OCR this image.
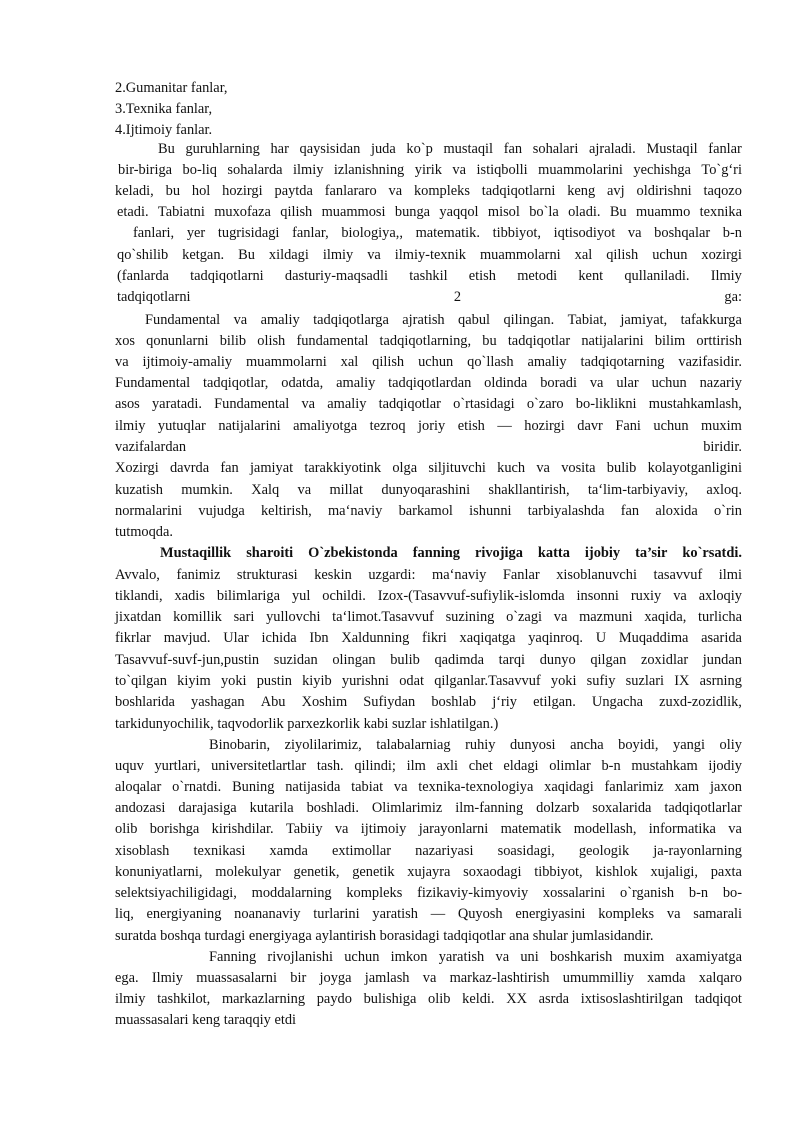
2.Gumanitar fanlar,
3.Texnika fanlar,
4.Ijtimoiy fanlar.
Bu guruhlarning har qaysisidan juda ko`p mustaqil fan sohalari ajraladi. Mustaqil fanlar
bir-biriga bo-liq sohalarda ilmiy izlanishning yirik va istiqbolli muammolarini yechishga To`g‘ri
keladi, bu hol hozirgi paytda fanlararo va kompleks tadqiqotlarni keng avj oldirishni taqozo
etadi. Tabiatni muxofaza qilish muammosi bunga yaqqol misol bo`la oladi. Bu muammo texnika
fanlari, yer tugrisidagi fanlar, biologiya,, matematik. tibbiyot, iqtisodiyot va boshqalar b-n
qo`shilib ketgan. Bu xildagi ilmiy va ilmiy-texnik muammolarni xal qilish uchun xozirgi
(fanlarda tadqiqotlarni dasturiy-maqsadli tashkil etish metodi kent qullaniladi. Ilmiy
tadqiqotlarni	2	ga:
Fundamental va amaliy tadqiqotlarga ajratish qabul qilingan. Tabiat, jamiyat, tafakkurga
xos qonunlarni bilib olish fundamental tadqiqotlarning, bu tadqiqotlar natijalarini bilim orttirish
va ijtimoiy-amaliy muammolarni xal qilish uchun qo`llash amaliy tadqiqotarning vazifasidir.
Fundamental tadqiqotlar, odatda, amaliy tadqiqotlardan oldinda boradi va ular uchun nazariy
asos yaratadi. Fundamental va amaliy tadqiqotlar o`rtasidagi o`zaro bo-liklikni mustahkamlash,
ilmiy yutuqlar natijalarini amaliyotga tezroq joriy etish — hozirgi davr Fani uchun muxim
vazifalardan	biridir.
Xozirgi davrda fan jamiyat tarakkiyotink olga siljituvchi kuch va vosita bulib kolayotganligini
kuzatish mumkin. Xalq va millat dunyoqarashini shakllantirish, ta‘lim-tarbiyaviy, axloq.
normalarini vujudga keltirish, ma‘naviy barkamol ishunni tarbiyalashda fan aloxida o`rin
tutmoqda.
Mustaqillik sharoiti O`zbekistonda fanning rivojiga katta ijobiy ta’sir ko`rsatdi.
Avvalo, fanimiz strukturasi keskin uzgardi: ma‘naviy Fanlar xisoblanuvchi tasavvuf ilmi
tiklandi, xadis bilimlariga yul ochildi. Izox-(Tasavvuf-sufiylik-islomda insonni ruxiy va axloqiy
jixatdan komillik sari yullovchi ta‘limot.Tasavvuf suzining o`zagi va mazmuni xaqida, turlicha
fikrlar mavjud. Ular ichida Ibn Xaldunning fikri xaqiqatga yaqinroq. U Muqaddima asarida
Tasavvuf-suvf-jun,pustin suzidan olingan bulib qadimda tarqi dunyo qilgan zoxidlar jundan
to`qilgan kiyim yoki pustin kiyib yurishni odat qilganlar.Tasavvuf yoki sufiy suzlari IX asrning
boshlarida yashagan Abu Xoshim Sufiydan boshlab j‘riy etilgan. Ungacha zuxd-zozidlik,
tarkidunyochilik, taqvodorlik parxezkorlik kabi suzlar ishlatilgan.)
Binobarin, ziyolilarimiz, talabalarniag ruhiy dunyosi ancha boyidi, yangi oliy
uquv yurtlari, universitetlartlar tash. qilindi; ilm axli chet eldagi olimlar b-n mustahkam ijodiy
aloqalar o`rnatdi. Buning natijasida tabiat va texnika-texnologiya xaqidagi fanlarimiz xam jaxon
andozasi darajasiga kutarila boshladi. Olimlarimiz ilm-fanning dolzarb soxalarida tadqiqotlarlar
olib borishga kirishdilar. Tabiiy va ijtimoiy jarayonlarni matematik modellash, informatika va
xisoblash texnikasi xamda extimollar nazariyasi soasidagi, geologik ja-rayonlarning
konuniyatlarni, molekulyar genetik, genetik xujayra soxaodagi tibbiyot, kishlok xujaligi, paxta
selektsiyachiligidagi, moddalarning kompleks fizikaviy-kimyoviy xossalarini o`rganish b-n bo-
liq, energiyaning noananaviy turlarini yaratish — Quyosh energiyasini kompleks va samarali
suratda boshqa turdagi energiyaga aylantirish borasidagi tadqiqotlar ana shular jumlasidandir.
Fanning rivojlanishi uchun imkon yaratish va uni boshkarish muxim axamiyatga
ega. Ilmiy muassasalarni bir joyga jamlash va markaz-lashtirish umummilliy xamda xalqaro
ilmiy tashkilot, markazlarning paydo bulishiga olib keldi. XX asrda ixtisoslashtirilgan tadqiqot
muassasalari keng taraqqiy etdi
